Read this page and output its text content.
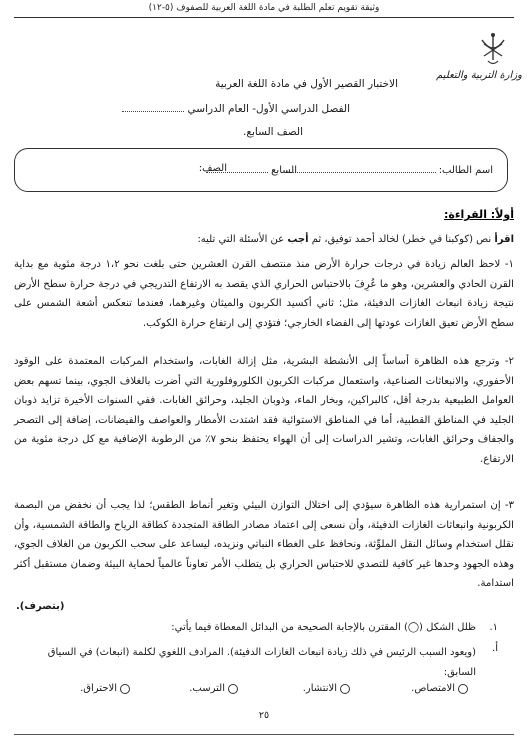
وثيقة تقويم تعلم الطلبة في مادة اللغة العربية للصفوف (٥-١٢)
وزارة التربية والتعليم
الاختبار القصير الأول في مادة اللغة العربية
الفصل الدراسي الأول- العام الدراسي
الصف السابع.
اسم الطالب:
الصف:	السابع
أولاً: القراءة:
اقرأ نص (كوكبنا في خطر) لخالد أحمد توفيق، ثم أجب عن الأسئلة التي تليه:

١- لاحظ العالم زيادة في درجات حرارة الأرض منذ منتصف القرن العشرين حتى بلغت نحو ١،٢ درجة مئوية مع بداية القرن الحادي والعشرين، وهو ما عُرِفَ بالاحتباس الحراري الذي يقصد به الارتفاع التدريجي في درجة حرارة سطح الأرض نتيجة زيادة انبعاث الغازات الدفيئة، مثل: ثاني أكسيد الكربون والميثان وغيرهما، فعندما تنعكس أشعة الشمس على سطح الأرض تعيق الغازات عودتها إلى الفضاء الخارجي؛ فتؤدي إلى ارتفاع حرارة الكوكب.

٢- وترجع هذه الظاهرة أساساً إلى الأنشطة البشرية، مثل إزالة الغابات، واستخدام المركبات المعتمدة على الوقود الأحفوري، والانبعاثات الصناعية، واستعمال مركبات الكربون الكلوروفلورية التي أضرت بالغلاف الجوي، بينما تسهم بعض العوامل الطبيعية بدرجة أقل، كالبراكين، وبخار الماء، وذوبان الجليد، وحرائق الغابات. ففي السنوات الأخيرة تزايد ذوبان الجليد في المناطق القطبية، أما في المناطق الاستوائية فقد اشتدت الأمطار والعواصف والفيضانات، إضافة إلى التصحر والجفاف وحرائق الغابات، وتشير الدراسات إلى أن الهواء يحتفظ بنحو ٧٪ من الرطوبة الإضافية مع كل درجة مئوية من الارتفاع.

٣- إن استمرارية هذه الظاهرة سيؤدي إلى اختلال التوازن البيئي وتغير أنماط الطقس؛ لذا يجب أن نخفض من البصمة الكربونية وانبعاثات الغازات الدفيئة، وأن نسعى إلى اعتماد مصادر الطاقة المتجددة كطاقة الرياح والطاقة الشمسية، وأن نقلل استخدام وسائل النقل الملوِّثة، ونحافظ على الغطاء النباتي ونزيده، ليساعد على سحب الكربون من الغلاف الجوي، وهذه الجهود وحدها غير كافية للتصدي للاحتباس الحراري بل يتطلب الأمر تعاوناً عالمياً لحماية البيئة وضمان مستقبل أكثر استدامة.

(بتصرف).
١.
ظلل الشكل (◯) المقترن بالإجابة الصحيحة من البدائل المعطاة فيما يأتي:
أ.
(ويعود السبب الرئيس في ذلك زيادة انبعاث الغازات الدفيئة). المرادف اللغوي لكلمة (انبعاث) في السياق السابق:
الامتصاص.
الانتشار.
الترسب.
الاحتراق.
٢٥
